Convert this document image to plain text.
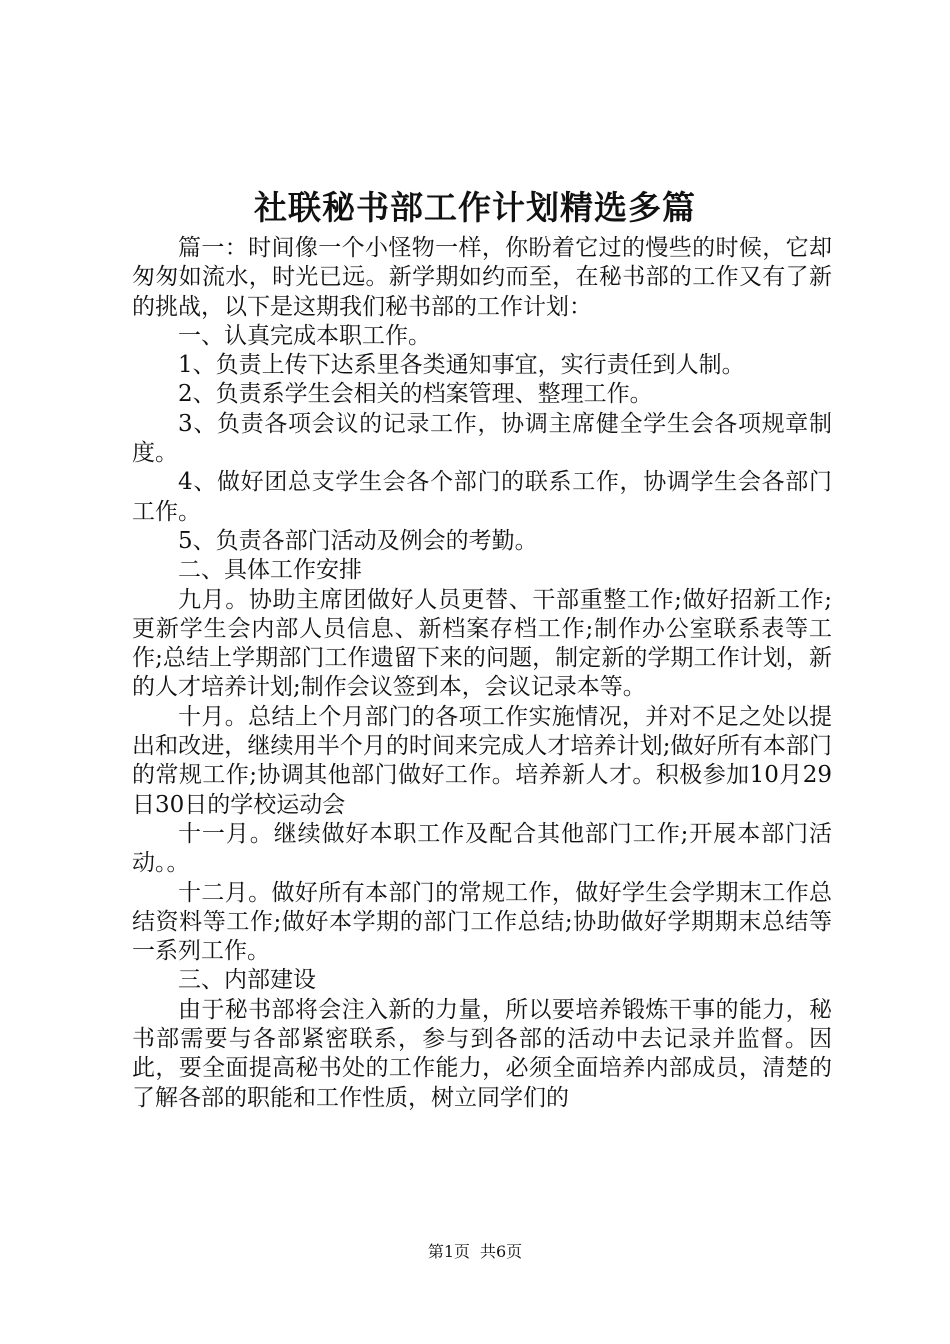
社联秘书部工作计划精选多篇

篇一：时间像一个小怪物一样，你盼着它过的慢些的时候，它却匆匆如流水，时光已远。新学期如约而至，在秘书部的工作又有了新的挑战，以下是这期我们秘书部的工作计划：

一、认真完成本职工作。

1、负责上传下达系里各类通知事宜，实行责任到人制。

2、负责系学生会相关的档案管理、整理工作。

3、负责各项会议的记录工作，协调主席健全学生会各项规章制度。

4、做好团总支学生会各个部门的联系工作，协调学生会各部门工作。

5、负责各部门活动及例会的考勤。

二、具体工作安排

九月。协助主席团做好人员更替、干部重整工作;做好招新工作;更新学生会内部人员信息、新档案存档工作;制作办公室联系表等工作;总结上学期部门工作遗留下来的问题，制定新的学期工作计划，新的人才培养计划;制作会议签到本，会议记录本等。

十月。总结上个月部门的各项工作实施情况，并对不足之处以提出和改进，继续用半个月的时间来完成人才培养计划;做好所有本部门的常规工作;协调其他部门做好工作。培养新人才。积极参加10月29日30日的学校运动会

十一月。继续做好本职工作及配合其他部门工作;开展本部门活动。。

十二月。做好所有本部门的常规工作，做好学生会学期末工作总结资料等工作;做好本学期的部门工作总结;协助做好学期期末总结等一系列工作。

三、内部建设

由于秘书部将会注入新的力量，所以要培养锻炼干事的能力，秘书部需要与各部紧密联系，参与到各部的活动中去记录并监督。因此，要全面提高秘书处的工作能力，必须全面培养内部成员，清楚的了解各部的职能和工作性质，树立同学们的

第1页 共6页
